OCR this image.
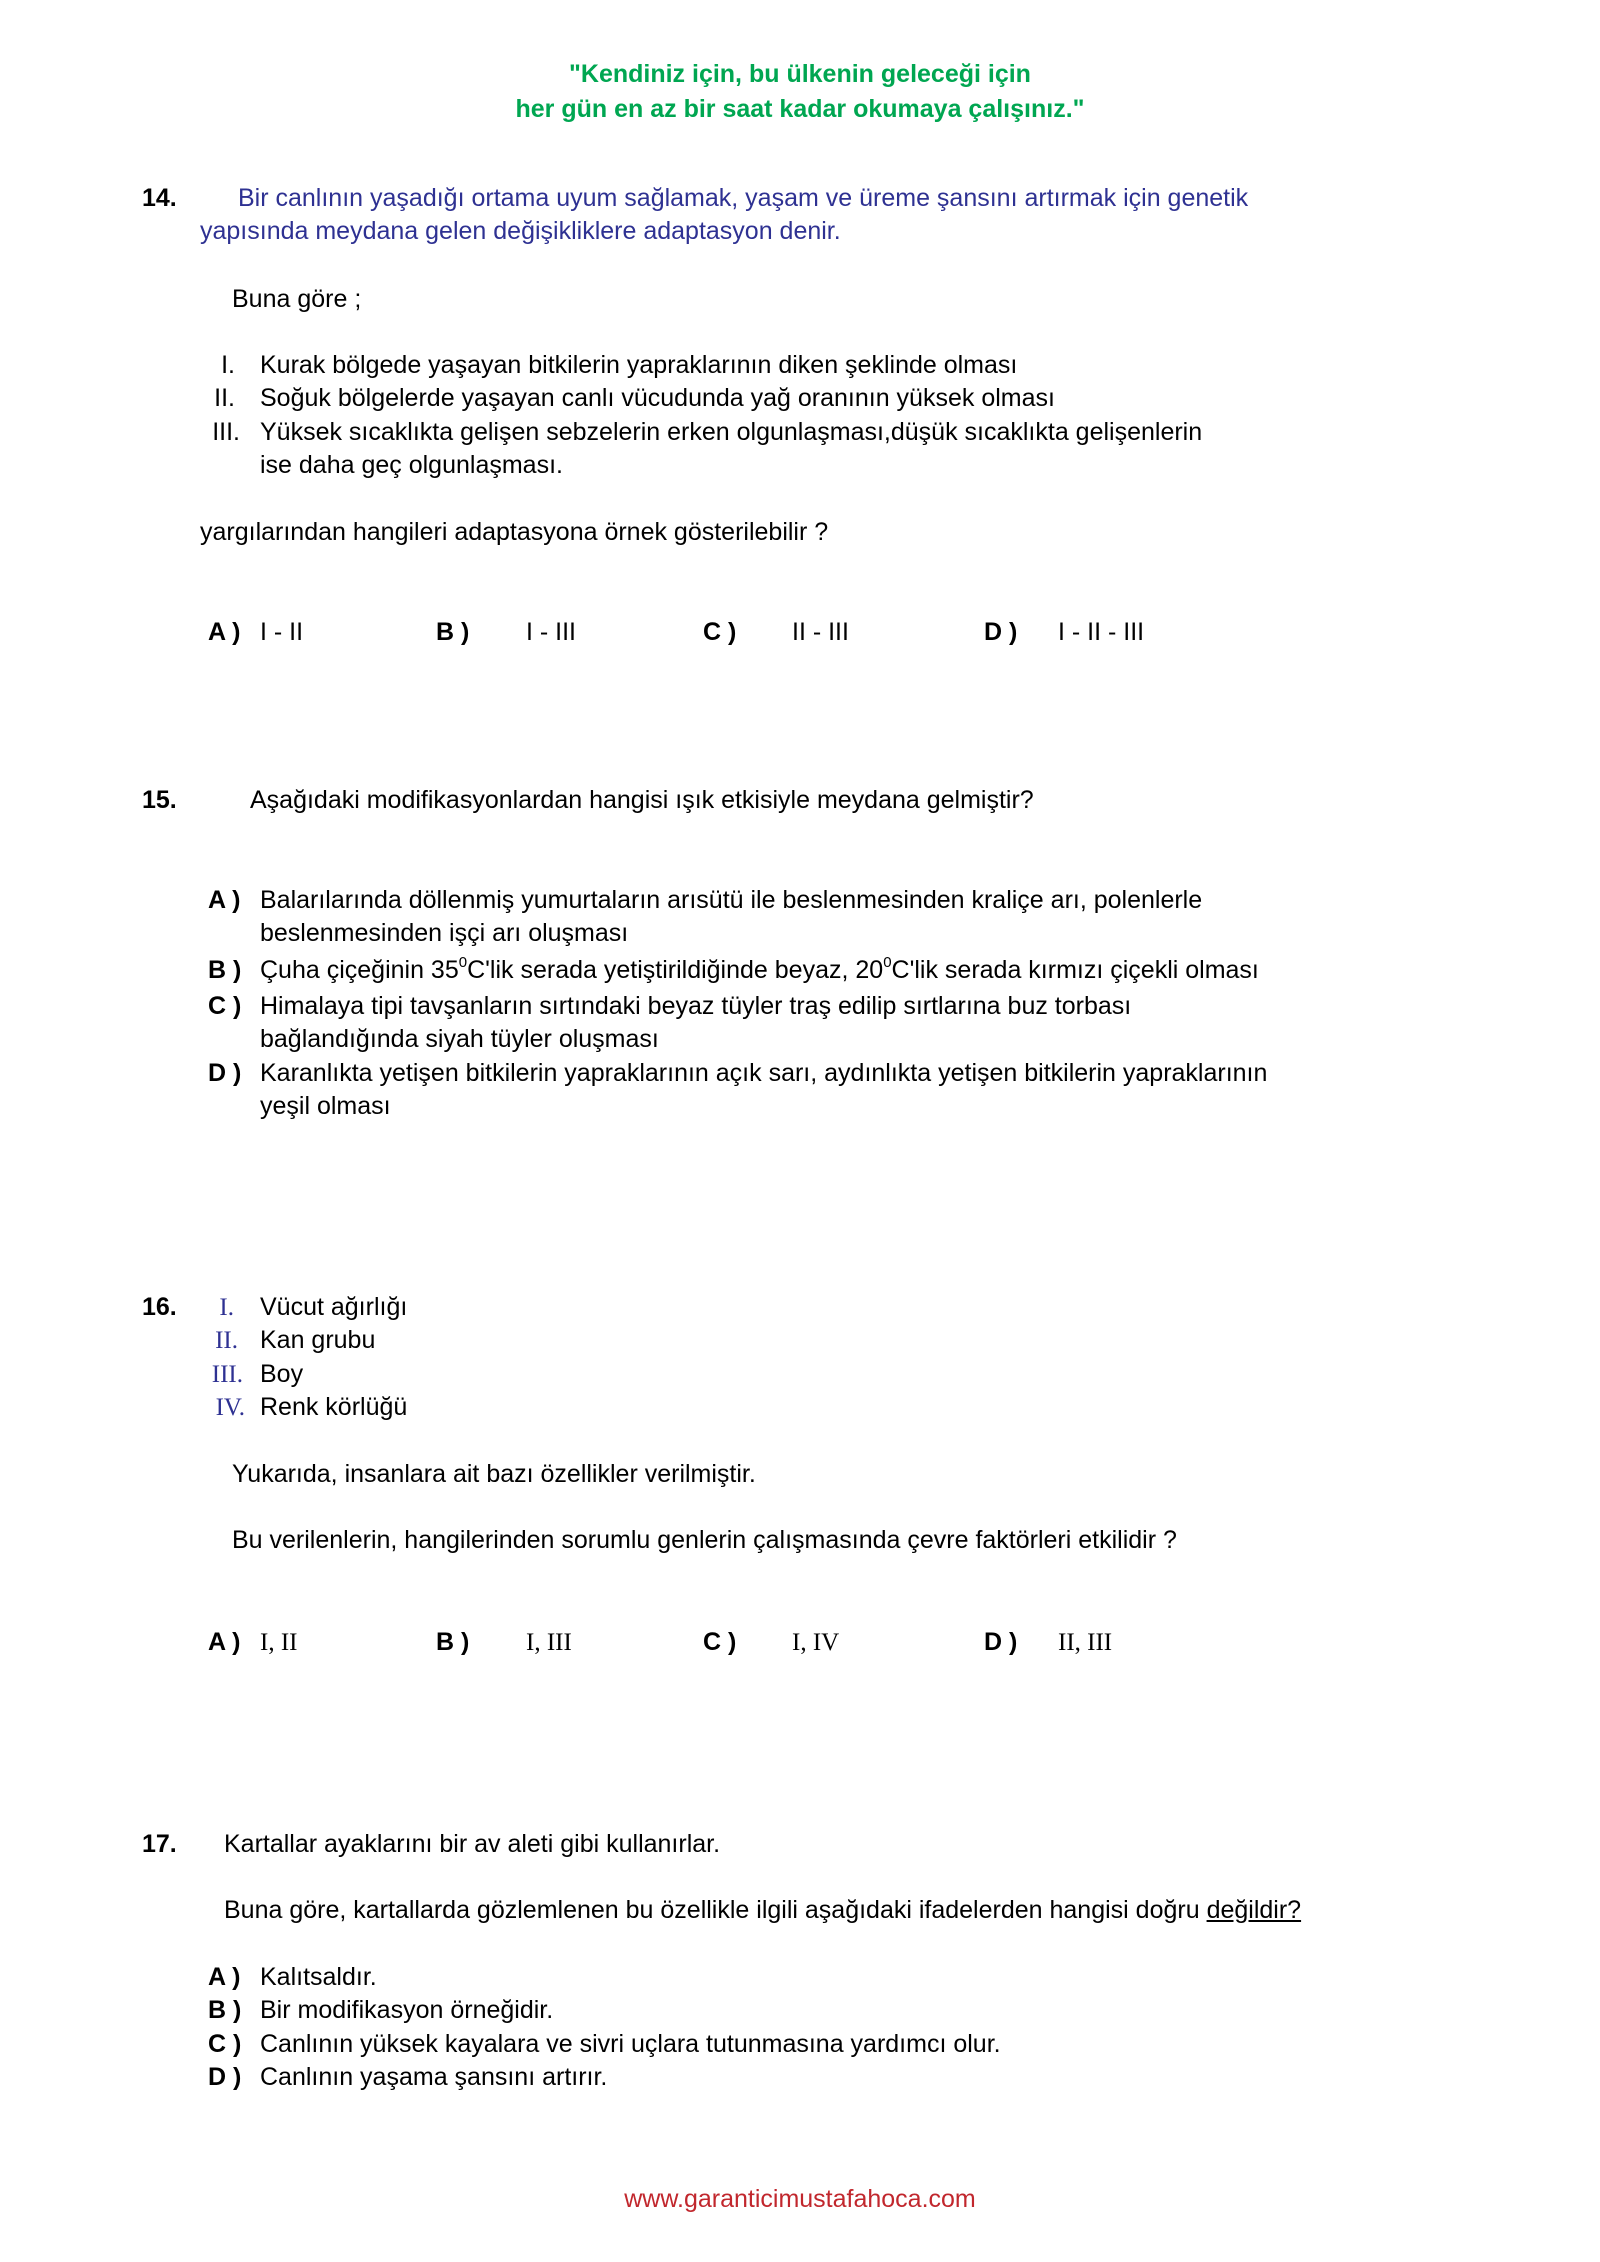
"Kendiniz için, bu ülkenin geleceği için
her gün en az bir saat kadar okumaya çalışınız."
14. Bir canlının yaşadığı ortama uyum sağlamak, yaşam ve üreme şansını artırmak için genetik
yapısında meydana gelen değişikliklere adaptasyon denir.
Buna göre ;
I. Kurak bölgede yaşayan bitkilerin yapraklarının diken şeklinde olması
II. Soğuk bölgelerde yaşayan canlı vücudunda yağ oranının yüksek olması
III. Yüksek sıcaklıkta gelişen sebzelerin erken olgunlaşması,düşük sıcaklıkta gelişenlerin
ise daha geç olgunlaşması.
yargılarından hangileri adaptasyona örnek gösterilebilir ?
A ) I - II	B ) I - III	C ) II - III	D ) I - II - III
15.	Aşağıdaki modifikasyonlardan hangisi ışık etkisiyle meydana gelmiştir?
A ) Balarılarında döllenmiş yumurtaların arısütü ile beslenmesinden kraliçe arı, polenlerle
beslenmesinden işçi arı oluşması
B ) Çuha çiçeğinin $35^0C'lik$ serada yetiştirildiğinde beyaz, $20^0C'lik$ serada kırmızı çiçekli olması
C ) Himalaya tipi tavşanların sırtındaki beyaz tüyler traş edilip sırtlarına buz torbası
bağlandığında siyah tüyler oluşması
D ) Karanlıkta yetişen bitkilerin yapraklarının açık sarı, aydınlıkta yetişen bitkilerin yapraklarının
yeşil olması
16.	I. Vücut ağırlığı
II. Kan grubu
III. Boy
IV. Renk körlüğü
Yukarıda, insanlara ait bazı özellikler verilmiştir.
Bu verilenlerin, hangilerinden sorumlu genlerin çalışmasında çevre faktörleri etkilidir ?
A ) I, II	B ) I, III	C ) I, IV	D ) II, III
17. Kartallar ayaklarını bir av aleti gibi kullanırlar.
Buna göre, kartallarda gözlemlenen bu özellikle ilgili aşağıdaki ifadelerden hangisi doğru değildir?
A ) Kalıtsaldır.
B ) Bir modifikasyon örneğidir.
C ) Canlının yüksek kayalara ve sivri uçlara tutunmasına yardımcı olur.
D ) Canlının yaşama şansını artırır.
www.garanticimustafahoca.com
